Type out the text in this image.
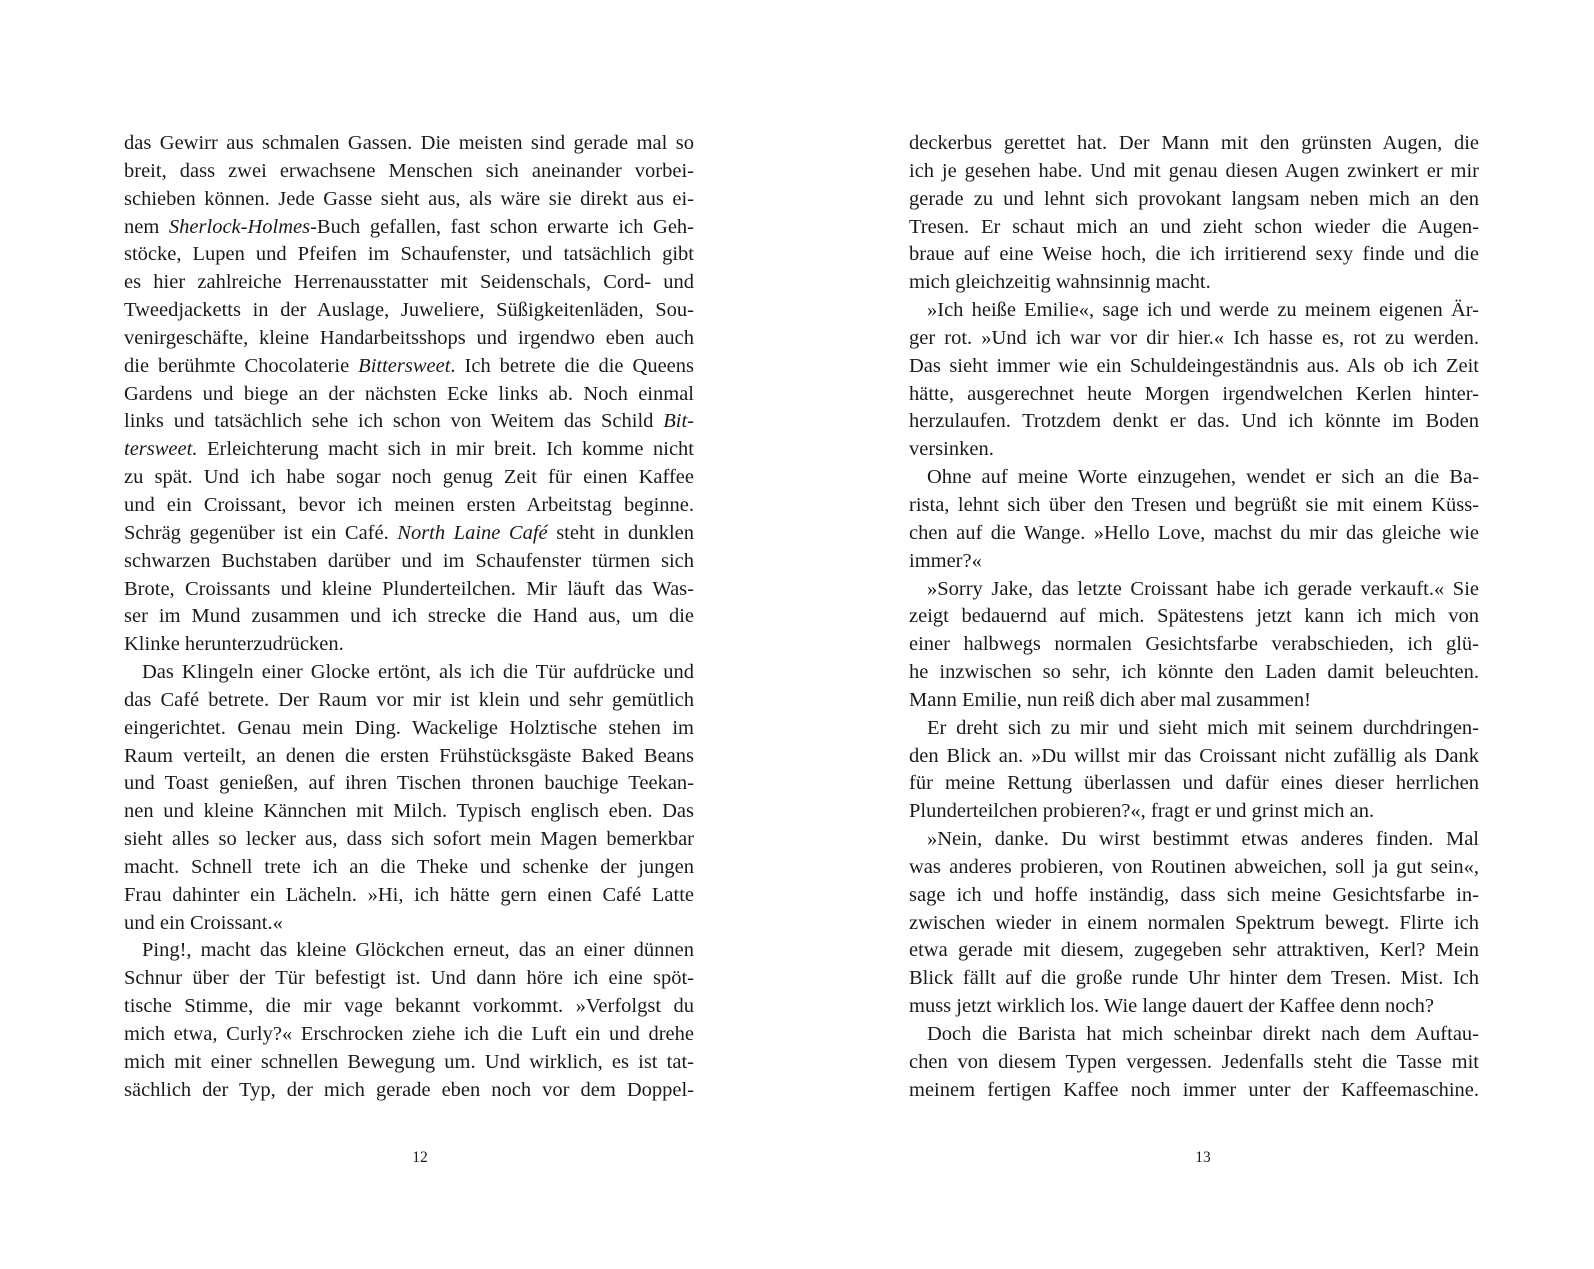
das Gewirr aus schmalen Gassen. Die meisten sind gerade mal so
breit, dass zwei erwachsene Menschen sich aneinander vorbei-
schieben können. Jede Gasse sieht aus, als wäre sie direkt aus ei-
nem Sherlock-Holmes-Buch gefallen, fast schon erwarte ich Geh-
stöcke, Lupen und Pfeifen im Schaufenster, und tatsächlich gibt
es hier zahlreiche Herrenausstatter mit Seidenschals, Cord- und
Tweedjacketts in der Auslage, Juweliere, Süßigkeitenläden, Sou-
venirgeschäfte, kleine Handarbeitsshops und irgendwo eben auch
die berühmte Chocolaterie Bittersweet. Ich betrete die die Queens
Gardens und biege an der nächsten Ecke links ab. Noch einmal
links und tatsächlich sehe ich schon von Weitem das Schild Bit-
tersweet. Erleichterung macht sich in mir breit. Ich komme nicht
zu spät. Und ich habe sogar noch genug Zeit für einen Kaffee
und ein Croissant, bevor ich meinen ersten Arbeitstag beginne.
Schräg gegenüber ist ein Café. North Laine Café steht in dunklen
schwarzen Buchstaben darüber und im Schaufenster türmen sich
Brote, Croissants und kleine Plunderteilchen. Mir läuft das Was-
ser im Mund zusammen und ich strecke die Hand aus, um die
Klinke herunterzudrücken.
Das Klingeln einer Glocke ertönt, als ich die Tür aufdrücke und
das Café betrete. Der Raum vor mir ist klein und sehr gemütlich
eingerichtet. Genau mein Ding. Wackelige Holztische stehen im
Raum verteilt, an denen die ersten Frühstücksgäste Baked Beans
und Toast genießen, auf ihren Tischen thronen bauchige Teekan-
nen und kleine Kännchen mit Milch. Typisch englisch eben. Das
sieht alles so lecker aus, dass sich sofort mein Magen bemerkbar
macht. Schnell trete ich an die Theke und schenke der jungen
Frau dahinter ein Lächeln. »Hi, ich hätte gern einen Café Latte
und ein Croissant.«
Ping!, macht das kleine Glöckchen erneut, das an einer dünnen
Schnur über der Tür befestigt ist. Und dann höre ich eine spöt-
tische Stimme, die mir vage bekannt vorkommt. »Verfolgst du
mich etwa, Curly?« Erschrocken ziehe ich die Luft ein und drehe
mich mit einer schnellen Bewegung um. Und wirklich, es ist tat-
sächlich der Typ, der mich gerade eben noch vor dem Doppel-
12
deckerbus gerettet hat. Der Mann mit den grünsten Augen, die
ich je gesehen habe. Und mit genau diesen Augen zwinkert er mir
gerade zu und lehnt sich provokant langsam neben mich an den
Tresen. Er schaut mich an und zieht schon wieder die Augen-
braue auf eine Weise hoch, die ich irritierend sexy finde und die
mich gleichzeitig wahnsinnig macht.
»Ich heiße Emilie«, sage ich und werde zu meinem eigenen Är-
ger rot. »Und ich war vor dir hier.« Ich hasse es, rot zu werden.
Das sieht immer wie ein Schuldeingeständnis aus. Als ob ich Zeit
hätte, ausgerechnet heute Morgen irgendwelchen Kerlen hinter-
herzulaufen. Trotzdem denkt er das. Und ich könnte im Boden
versinken.
Ohne auf meine Worte einzugehen, wendet er sich an die Ba-
rista, lehnt sich über den Tresen und begrüßt sie mit einem Küss-
chen auf die Wange. »Hello Love, machst du mir das gleiche wie
immer?«
»Sorry Jake, das letzte Croissant habe ich gerade verkauft.« Sie
zeigt bedauernd auf mich. Spätestens jetzt kann ich mich von
einer halbwegs normalen Gesichtsfarbe verabschieden, ich glü-
he inzwischen so sehr, ich könnte den Laden damit beleuchten.
Mann Emilie, nun reiß dich aber mal zusammen!
Er dreht sich zu mir und sieht mich mit seinem durchdringen-
den Blick an. »Du willst mir das Croissant nicht zufällig als Dank
für meine Rettung überlassen und dafür eines dieser herrlichen
Plunderteilchen probieren?«, fragt er und grinst mich an.
»Nein, danke. Du wirst bestimmt etwas anderes finden. Mal
was anderes probieren, von Routinen abweichen, soll ja gut sein«,
sage ich und hoffe inständig, dass sich meine Gesichtsfarbe in-
zwischen wieder in einem normalen Spektrum bewegt. Flirte ich
etwa gerade mit diesem, zugegeben sehr attraktiven, Kerl? Mein
Blick fällt auf die große runde Uhr hinter dem Tresen. Mist. Ich
muss jetzt wirklich los. Wie lange dauert der Kaffee denn noch?
Doch die Barista hat mich scheinbar direkt nach dem Auftau-
chen von diesem Typen vergessen. Jedenfalls steht die Tasse mit
meinem fertigen Kaffee noch immer unter der Kaffeemaschine.
13
